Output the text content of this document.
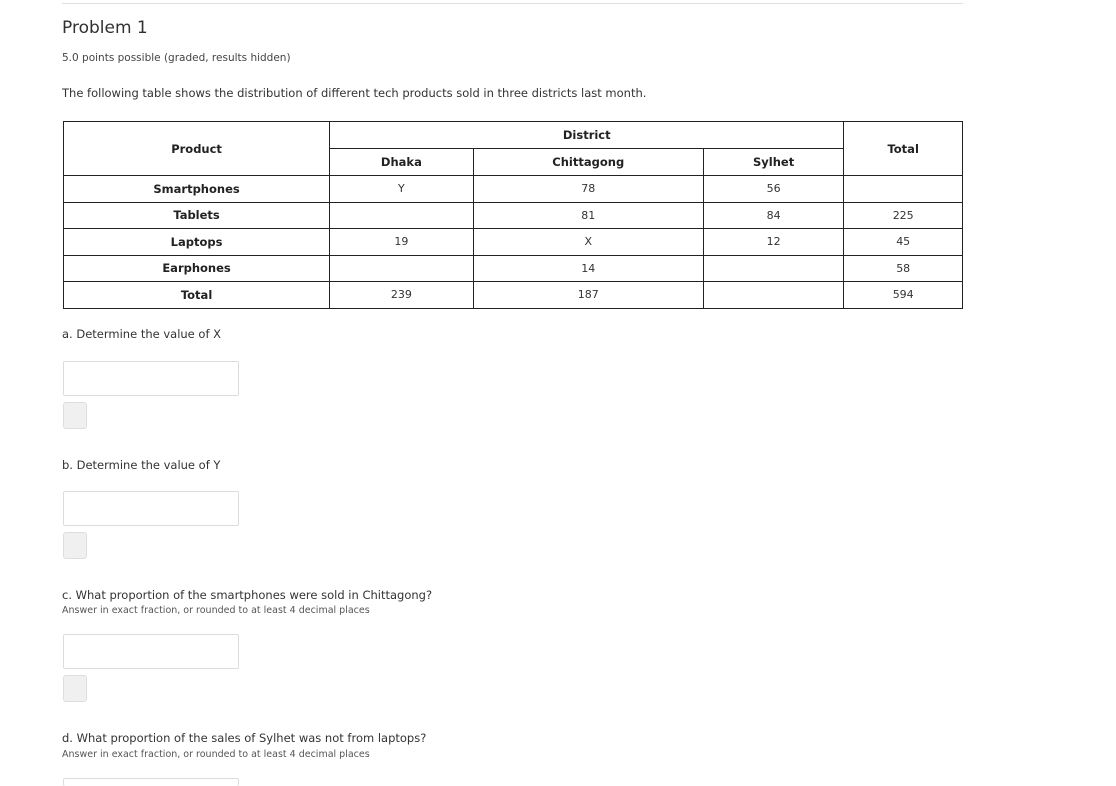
Problem 1
5.0 points possible (graded, results hidden)
The following table shows the distribution of different tech products sold in three districts last month.
Product	District			Total
	Dhaka	Chittagong	Sylhet	
Smartphones	Y	78	56	
Tablets		81	84	225
Laptops	19	X	12	45
Earphones		14		58
Total	239	187		594
a. Determine the value of X
b. Determine the value of Y
c. What proportion of the smartphones were sold in Chittagong?
Answer in exact fraction, or rounded to at least 4 decimal places
d. What proportion of the sales of Sylhet was not from laptops?
Answer in exact fraction, or rounded to at least 4 decimal places
